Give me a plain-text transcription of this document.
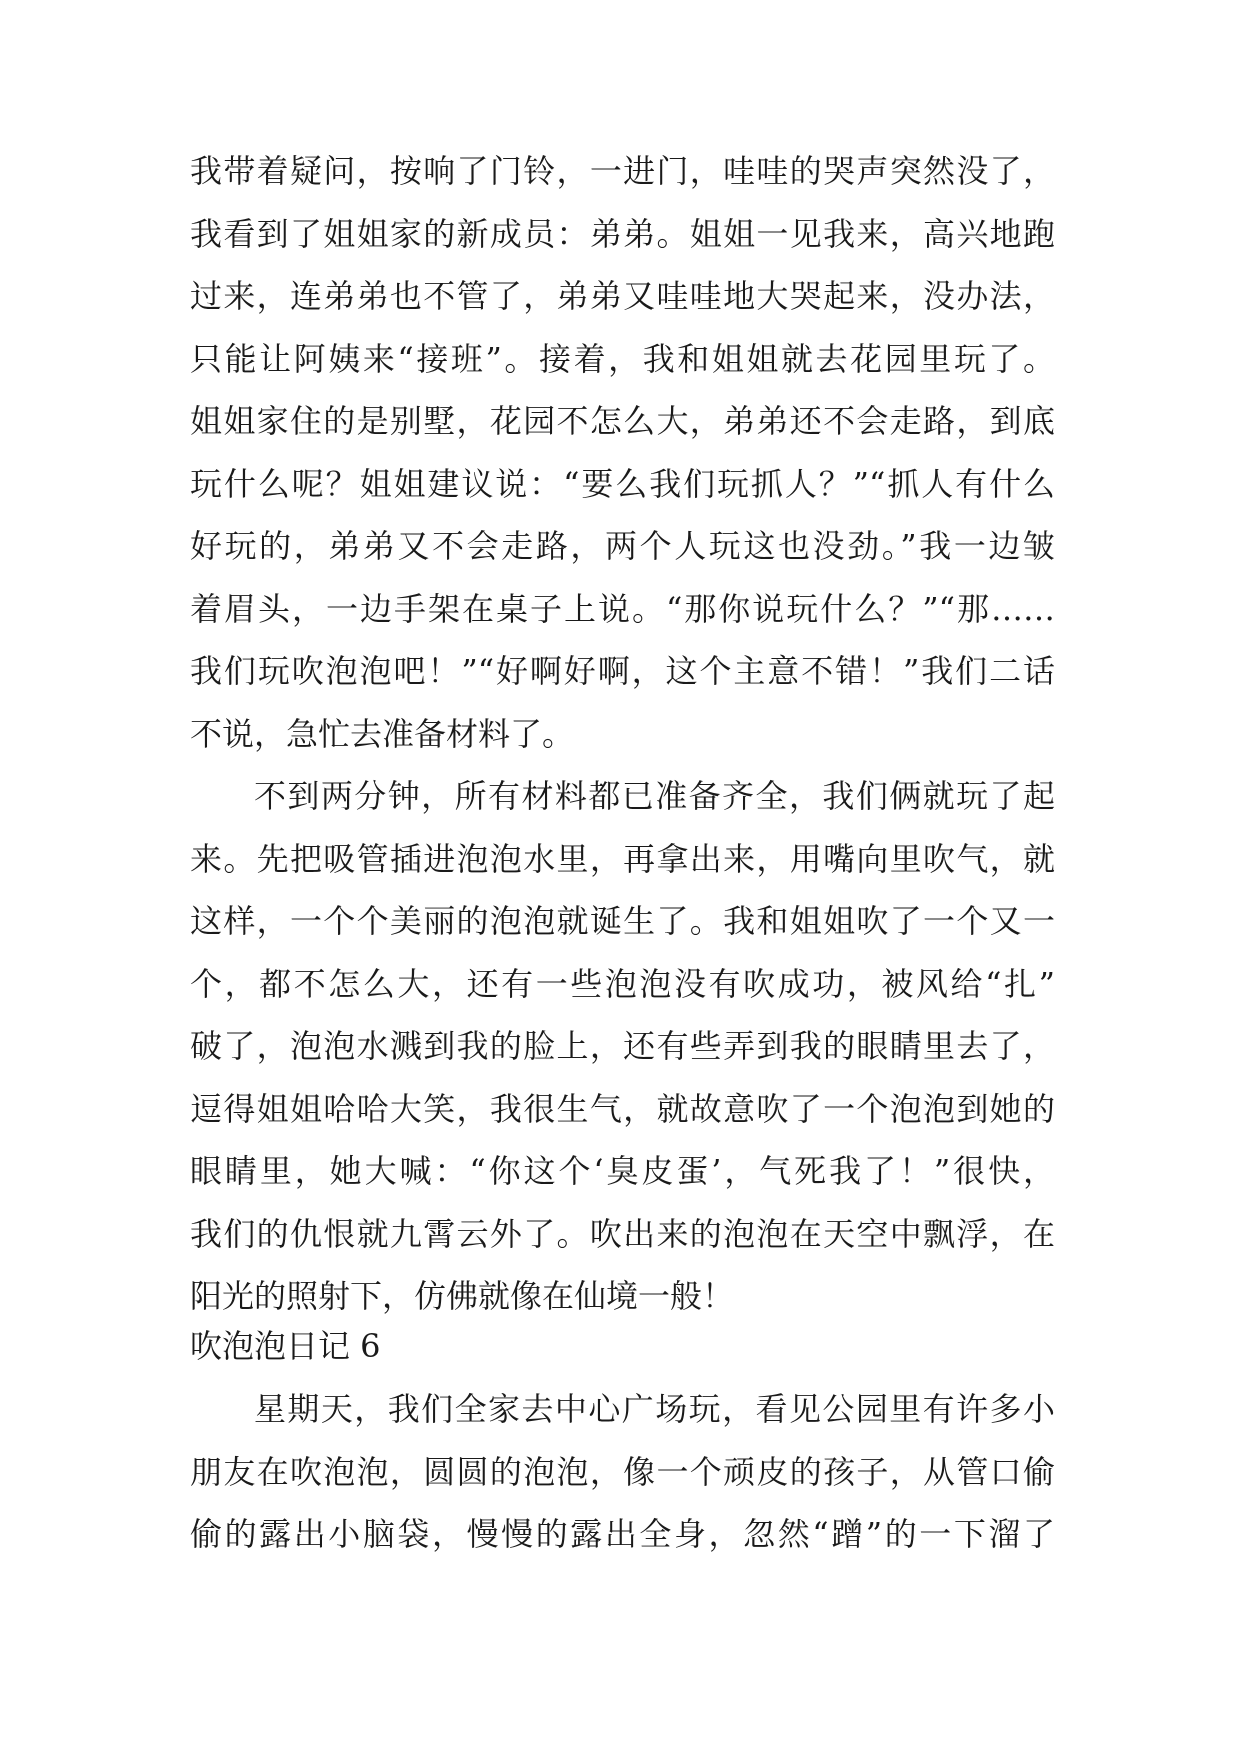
我带着疑问，按响了门铃，一进门，哇哇的哭声突然没了，
我看到了姐姐家的新成员：弟弟。姐姐一见我来，高兴地跑
过来，连弟弟也不管了，弟弟又哇哇地大哭起来，没办法，
只能让阿姨来“接班”。接着，我和姐姐就去花园里玩了。
姐姐家住的是别墅，花园不怎么大，弟弟还不会走路，到底
玩什么呢？姐姐建议说：“要么我们玩抓人？”“抓人有什么
好玩的，弟弟又不会走路，两个人玩这也没劲。”我一边皱
着眉头，一边手架在桌子上说。“那你说玩什么？”“那……
我们玩吹泡泡吧！”“好啊好啊，这个主意不错！”我们二话
不说，急忙去准备材料了。
不到两分钟，所有材料都已准备齐全，我们俩就玩了起
来。先把吸管插进泡泡水里，再拿出来，用嘴向里吹气，就
这样，一个个美丽的泡泡就诞生了。我和姐姐吹了一个又一
个，都不怎么大，还有一些泡泡没有吹成功，被风给“扎”
破了，泡泡水溅到我的脸上，还有些弄到我的眼睛里去了，
逗得姐姐哈哈大笑，我很生气，就故意吹了一个泡泡到她的
眼睛里，她大喊：“你这个‘臭皮蛋’，气死我了！”很快，
我们的仇恨就九霄云外了。吹出来的泡泡在天空中飘浮，在
阳光的照射下，仿佛就像在仙境一般！
吹泡泡日记 6
星期天，我们全家去中心广场玩，看见公园里有许多小
朋友在吹泡泡，圆圆的泡泡，像一个顽皮的孩子，从管口偷
偷的露出小脑袋，慢慢的露出全身，忽然“蹭”的一下溜了
